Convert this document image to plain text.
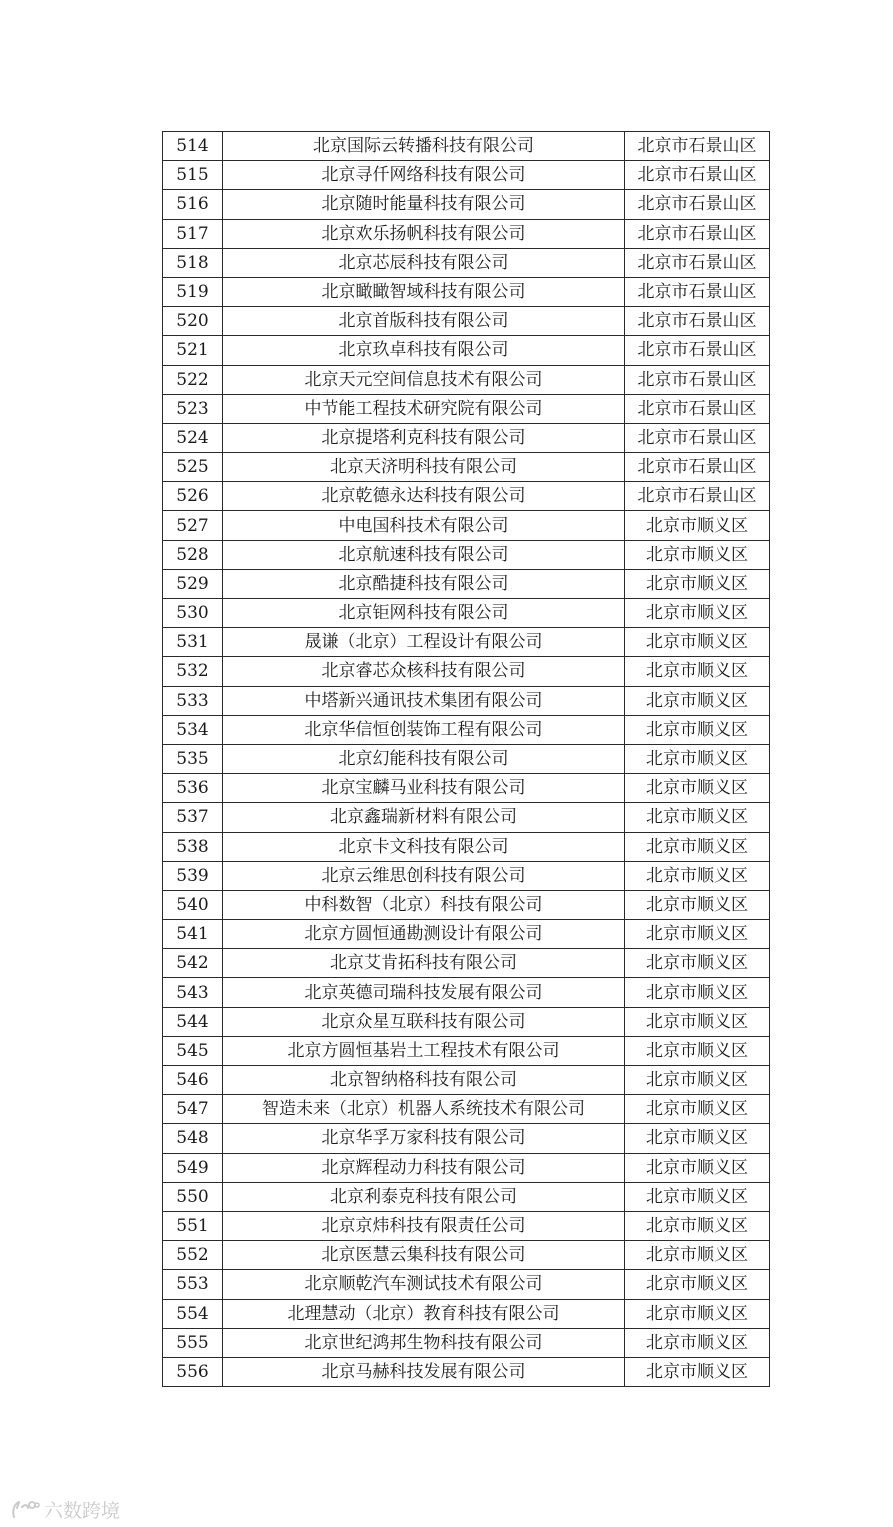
514	北京国际云转播科技有限公司	北京市石景山区
515	北京寻仟网络科技有限公司	北京市石景山区
516	北京随时能量科技有限公司	北京市石景山区
517	北京欢乐扬帆科技有限公司	北京市石景山区
518	北京芯辰科技有限公司	北京市石景山区
519	北京瞰瞰智域科技有限公司	北京市石景山区
520	北京首版科技有限公司	北京市石景山区
521	北京玖卓科技有限公司	北京市石景山区
522	北京天元空间信息技术有限公司	北京市石景山区
523	中节能工程技术研究院有限公司	北京市石景山区
524	北京提塔利克科技有限公司	北京市石景山区
525	北京天济明科技有限公司	北京市石景山区
526	北京乾德永达科技有限公司	北京市石景山区
527	中电国科技术有限公司	北京市顺义区
528	北京航速科技有限公司	北京市顺义区
529	北京酷捷科技有限公司	北京市顺义区
530	北京钜网科技有限公司	北京市顺义区
531	晟谦（北京）工程设计有限公司	北京市顺义区
532	北京睿芯众核科技有限公司	北京市顺义区
533	中塔新兴通讯技术集团有限公司	北京市顺义区
534	北京华信恒创装饰工程有限公司	北京市顺义区
535	北京幻能科技有限公司	北京市顺义区
536	北京宝麟马业科技有限公司	北京市顺义区
537	北京鑫瑞新材料有限公司	北京市顺义区
538	北京卡文科技有限公司	北京市顺义区
539	北京云维思创科技有限公司	北京市顺义区
540	中科数智（北京）科技有限公司	北京市顺义区
541	北京方圆恒通勘测设计有限公司	北京市顺义区
542	北京艾肯拓科技有限公司	北京市顺义区
543	北京英德司瑞科技发展有限公司	北京市顺义区
544	北京众星互联科技有限公司	北京市顺义区
545	北京方圆恒基岩土工程技术有限公司	北京市顺义区
546	北京智纳格科技有限公司	北京市顺义区
547	智造未来（北京）机器人系统技术有限公司	北京市顺义区
548	北京华孚万家科技有限公司	北京市顺义区
549	北京辉程动力科技有限公司	北京市顺义区
550	北京利泰克科技有限公司	北京市顺义区
551	北京京炜科技有限责任公司	北京市顺义区
552	北京医慧云集科技有限公司	北京市顺义区
553	北京顺乾汽车测试技术有限公司	北京市顺义区
554	北理慧动（北京）教育科技有限公司	北京市顺义区
555	北京世纪鸿邦生物科技有限公司	北京市顺义区
556	北京马赫科技发展有限公司	北京市顺义区
六数跨境
